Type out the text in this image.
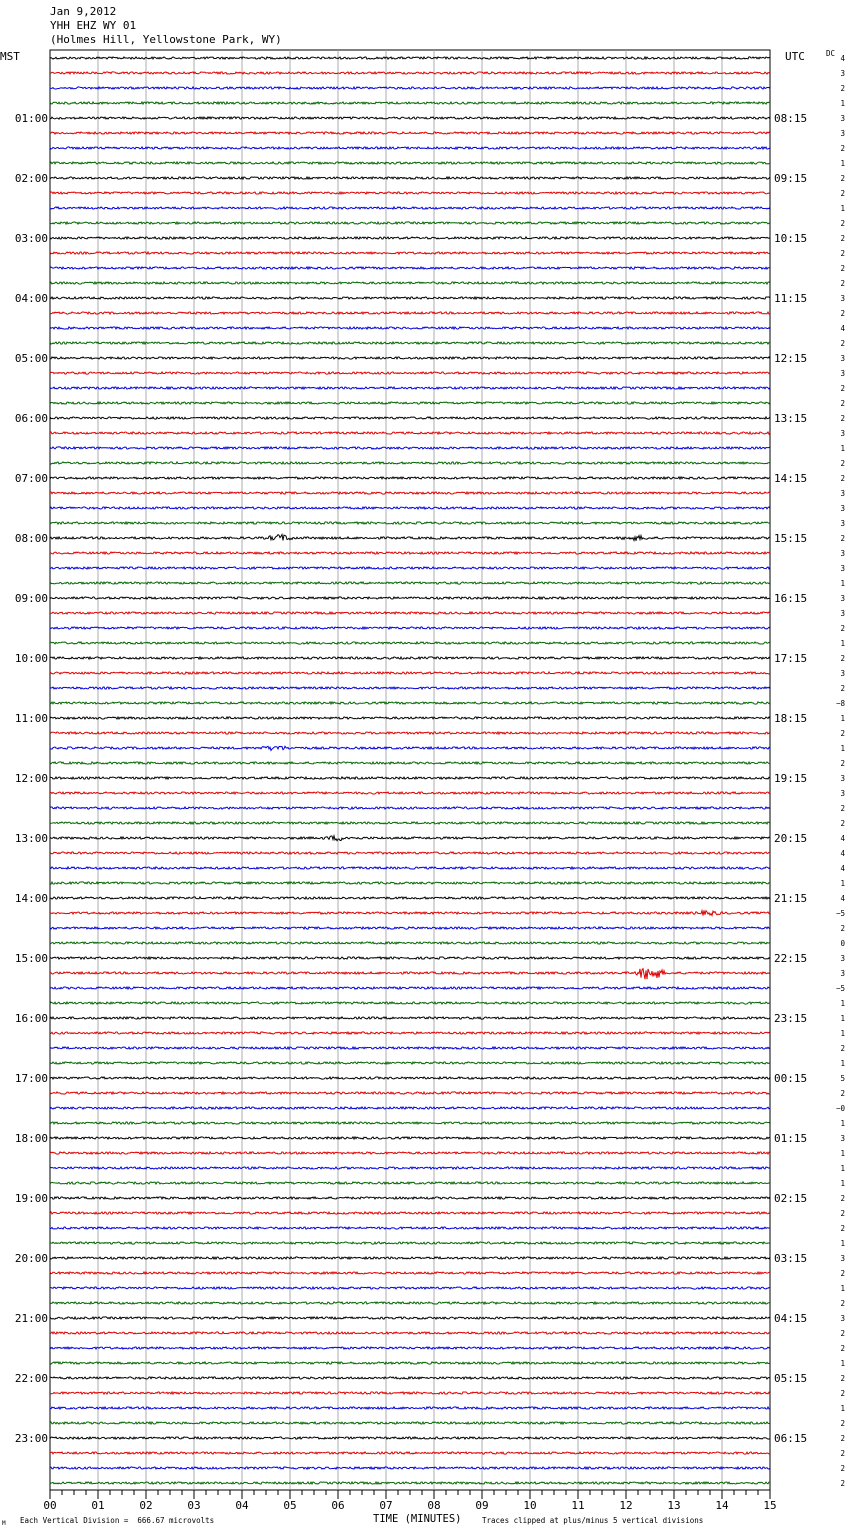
Jan 9,2012
YHH EHZ WY 01
(Holmes Hill, Yellowstone Park, WY)
MST	UTC	DC
01:00
02:00
03:00
04:00
05:00
06:00
07:00
08:00
09:00
10:00
11:00
12:00
13:00
14:00
15:00
16:00
17:00
18:00
19:00
20:00
21:00
22:00
23:00
08:15
09:15
10:15
11:15
12:15
13:15
14:15
15:15
16:15
17:15
18:15
19:15
20:15
21:15
22:15
23:15
00:15
01:15
02:15
03:15
04:15
05:15
06:15
4
3
2
1
3
3
2
1
2
2
1
2
2
2
2
2
3
2
4
2
3
3
2
2
2
3
1
2
2
3
3
3
2
3
3
1
3
3
2
1
2
3
2
−8
1
2
1
2
3
3
2
2
4
4
4
1
4
−5
2
0
3
3
−5
1
1
1
2
1
5
2
−0
1
3
1
1
1
2
2
2
1
3
2
1
2
3
2
2
1
2
2
1
2
2
2
2
2
00	01	02	03	04	05	06	07	08	09	10	11	12	13	14	15
TIME (MINUTES)
Each Vertical Division =  666.67 microvolts	Traces clipped at plus/minus 5 vertical divisions
M
